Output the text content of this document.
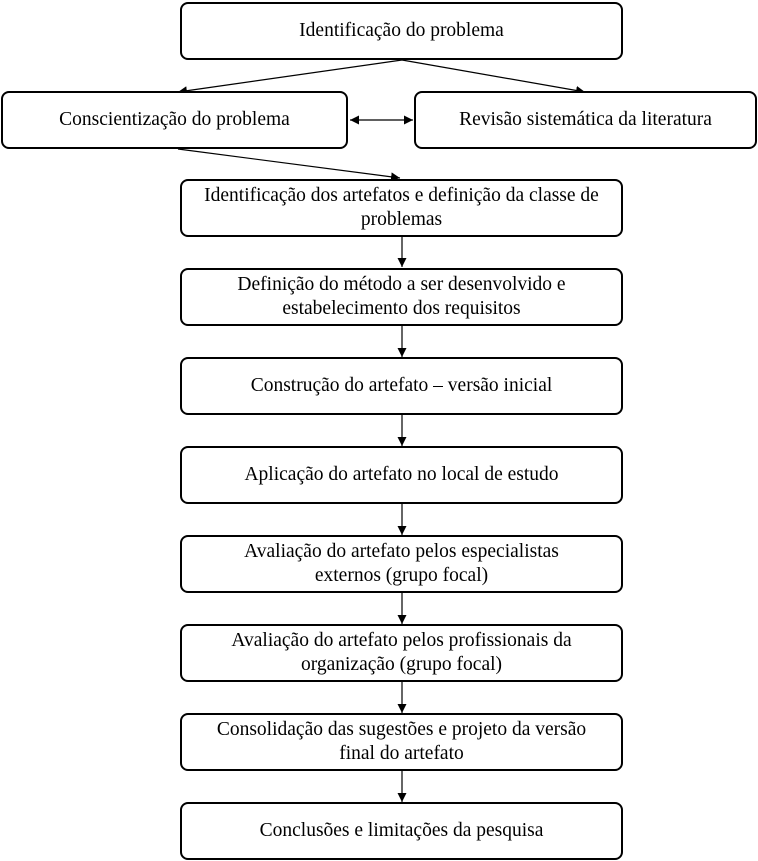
Identificação do problema
Conscientização do problema	Revisão sistemática da literatura
Identificação dos artefatos e definição da classe de problemas
Definição do método a ser desenvolvido e estabelecimento dos requisitos
Construção do artefato – versão inicial
Aplicação do artefato no local de estudo
Avaliação do artefato pelos especialistas externos (grupo focal)
Avaliação do artefato pelos profissionais da organização (grupo focal)
Consolidação das sugestões e projeto da versão final do artefato
Conclusões e limitações da pesquisa
